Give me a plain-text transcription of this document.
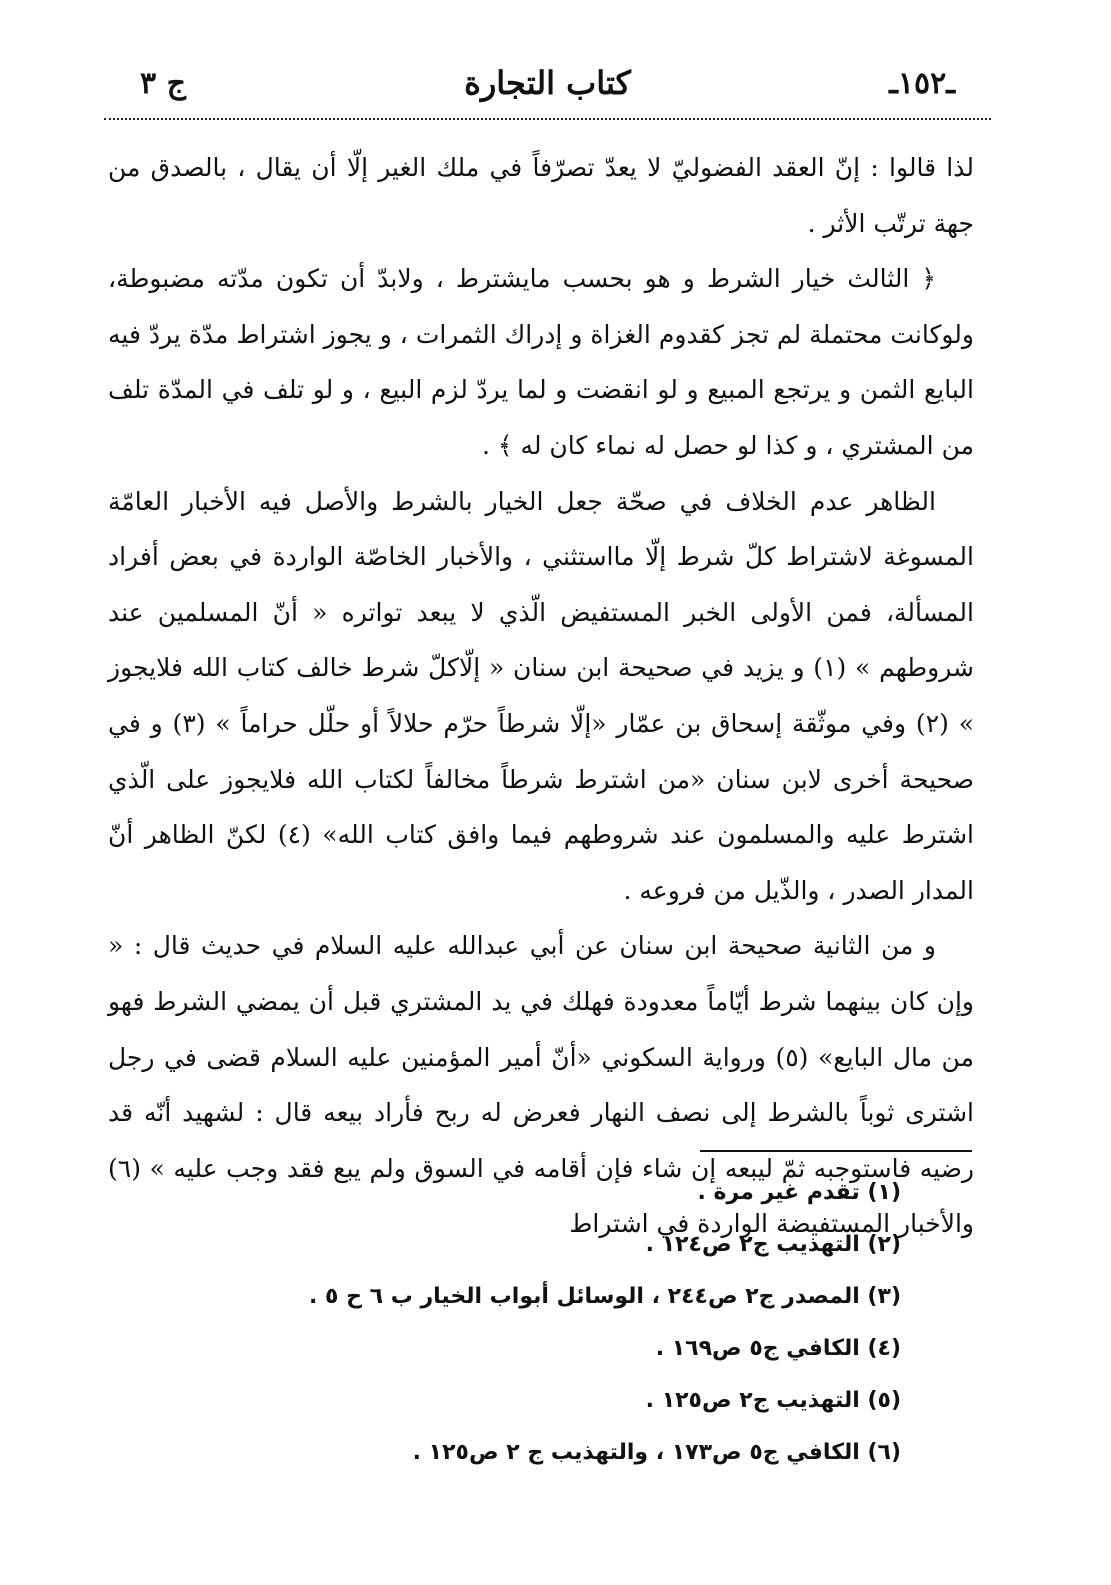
ـ١٥٢ـ
كتاب التجارة
ج ٣

لذا قالوا : إنّ العقد الفضوليّ لا يعدّ تصرّفاً في ملك الغير إلّا أن يقال ، بالصدق من جهة ترتّب الأثر .

﴿ الثالث خيار الشرط و هو بحسب مايشترط ، ولابدّ أن تكون مدّته مضبوطة، ولوكانت محتملة لم تجز كقدوم الغزاة و إدراك الثمرات ، و يجوز اشتراط مدّة يردّ فيه البايع الثمن و يرتجع المبيع و لو انقضت و لما يردّ لزم البيع ، و لو تلف في المدّة تلف من المشتري ، و كذا لو حصل له نماء كان له ﴾ .

الظاهر عدم الخلاف في صحّة جعل الخيار بالشرط والأصل فيه الأخبار العامّة المسوغة لاشتراط كلّ شرط إلّا مااستثني ، والأخبار الخاصّة الواردة في بعض أفراد المسألة، فمن الأولى الخبر المستفيض الّذي لا يبعد تواتره « أنّ المسلمين عند شروطهم » (١) و يزيد في صحيحة ابن سنان « إلّاكلّ شرط خالف كتاب الله فلايجوز » (٢) وفي موثّقة إسحاق بن عمّار «إلّا شرطاً حرّم حلالاً أو حلّل حراماً » (٣) و في صحيحة أخرى لابن سنان «من اشترط شرطاً مخالفاً لكتاب الله فلايجوز على الّذي اشترط عليه والمسلمون عند شروطهم فيما وافق كتاب الله» (٤) لكنّ الظاهر أنّ المدار الصدر ، والذّيل من فروعه .

و من الثانية صحيحة ابن سنان عن أبي عبدالله عليه السلام في حديث قال : « وإن كان بينهما شرط أيّاماً معدودة فهلك في يد المشتري قبل أن يمضي الشرط فهو من مال البايع» (٥) ورواية السكوني «أنّ أمير المؤمنين عليه السلام قضى في رجل اشترى ثوباً بالشرط إلى نصف النهار فعرض له ربح فأراد بيعه قال : لشهيد أنّه قد رضيه فاستوجبه ثمّ ليبعه إن شاء فإن أقامه في السوق ولم يبع فقد وجب عليه » (٦) والأخبار المستفيضة الواردة في اشتراط

(١) تقدم غير مرة .
(٢) التهذيب ج٢ ص١٢٤ .
(٣) المصدر ج٢ ص٢٤٤ ، الوسائل أبواب الخيار ب ٦ ح ٥ .
(٤) الكافي ج٥ ص١٦٩ .
(٥) التهذيب ج٢ ص١٢٥ .
(٦) الكافي ج٥ ص١٧٣ ، والتهذيب ج ٢ ص١٢٥ .
